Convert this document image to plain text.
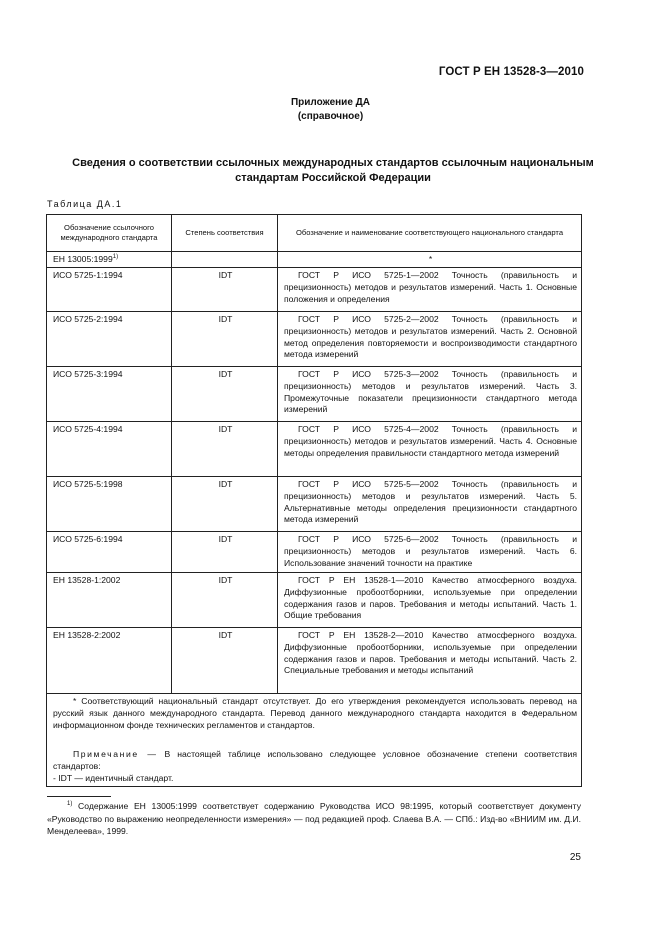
ГОСТ Р ЕН 13528-3—2010
Приложение ДА
(справочное)
Сведения о соответствии ссылочных международных стандартов ссылочным национальным стандартам Российской Федерации
Таблица ДА.1
Обозначение ссылочного международного стандарта	Степень соответствия	Обозначение и наименование соответствующего национального стандарта
ЕН 13005:1999$^{1)}$		*
ИСО 5725-1:1994	IDT	ГОСТ Р ИСО 5725-1—2002 Точность (правильность и прецизионность) методов и результатов измерений. Часть 1. Основные положения и определения
ИСО 5725-2:1994	IDT	ГОСТ Р ИСО 5725-2—2002 Точность (правильность и прецизионность) методов и результатов измерений. Часть 2. Основной метод определения повторяемости и воспроизводимости стандартного метода измерений
ИСО 5725-3:1994	IDT	ГОСТ Р ИСО 5725-3—2002 Точность (правильность и прецизионность) методов и результатов измерений. Часть 3. Промежуточные показатели прецизионности стандартного метода измерений
ИСО 5725-4:1994	IDT	ГОСТ Р ИСО 5725-4—2002 Точность (правильность и прецизионность) методов и результатов измерений. Часть 4. Основные методы определения правильности стандартного метода измерений
ИСО 5725-5:1998	IDT	ГОСТ Р ИСО 5725-5—2002 Точность (правильность и прецизионность) методов и результатов измерений. Часть 5. Альтернативные методы определения прецизионности стандартного метода измерений
ИСО 5725-6:1994	IDT	ГОСТ Р ИСО 5725-6—2002 Точность (правильность и прецизионность) методов и результатов измерений. Часть 6. Использование значений точности на практике
ЕН 13528-1:2002	IDT	ГОСТ Р ЕН 13528-1—2010 Качество атмосферного воздуха. Диффузионные пробоотборники, используемые при определении содержания газов и паров. Требования и методы испытаний. Часть 1. Общие требования
ЕН 13528-2:2002	IDT	ГОСТ Р ЕН 13528-2—2010 Качество атмосферного воздуха. Диффузионные пробоотборники, используемые при определении содержания газов и паров. Требования и методы испытаний. Часть 2. Специальные требования и методы испытаний

* Соответствующий национальный стандарт отсутствует. До его утверждения рекомендуется использовать перевод на русский язык данного международного стандарта. Перевод данного международного стандарта находится в Федеральном информационном фонде технических регламентов и стандартов.

Примечание — В настоящей таблице использовано следующее условное обозначение степени соответствия стандартов:

- IDT — идентичный стандарт.		

$^{1)}$ Содержание ЕН 13005:1999 соответствует содержанию Руководства ИСО 98:1995, который соответствует документу «Руководство по выражению неопределенности измерения» — под редакцией проф. Слаева В.А. — СПб.: Изд-во «ВНИИМ им. Д.И. Менделеева», 1999.
25
